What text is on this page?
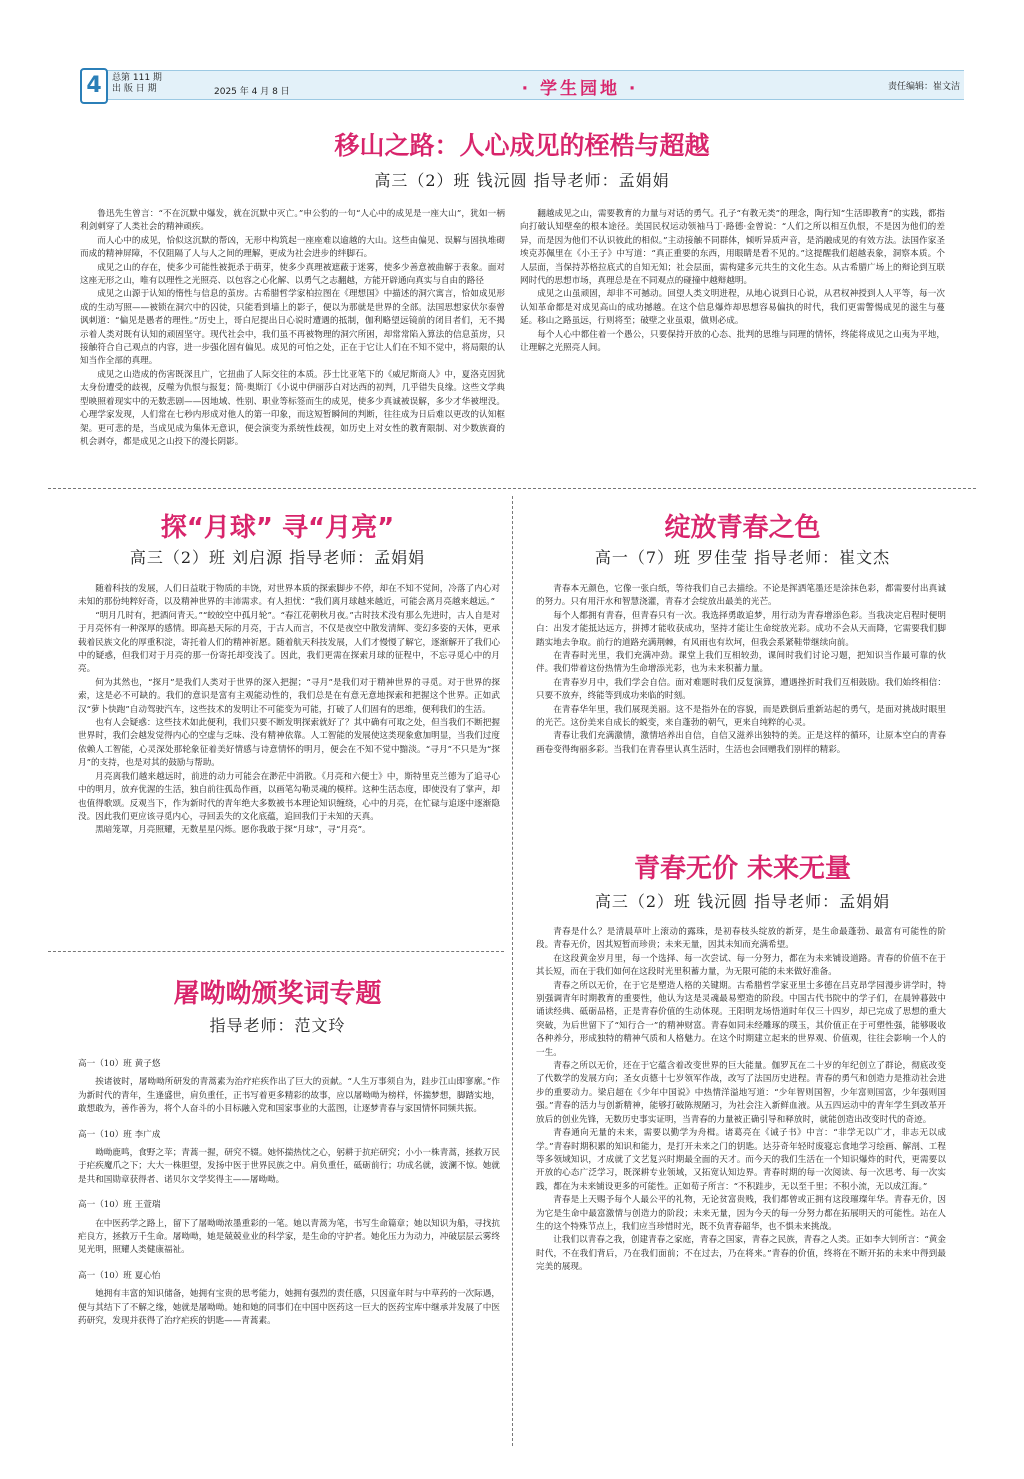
4	总第 111 期
出 版 日 期	2025 年 4 月 8 日	· 学生园地 ·	责任编辑：崔文洁
移山之路：人心成见的桎梏与超越
高三（2）班 钱沅圆 指导老师：孟娟娟

鲁迅先生曾言：“不在沉默中爆发，就在沉默中灭亡。”申公豹的一句“人心中的成见是一座大山”，犹如一柄利剑刺穿了人类社会的精神顽疾。

而人心中的成见，恰似这沉默的帮凶，无形中构筑起一座座难以逾越的大山。这些由偏见、误解与固执堆砌而成的精神屏障，不仅阻隔了人与人之间的理解，更成为社会进步的绊脚石。

成见之山的存在，使多少可能性被扼杀于萌芽，使多少真理被遮蔽于迷雾，使多少善意被曲解于表象。面对这座无形之山，唯有以理性之光照亮、以包容之心化解、以勇气之志翻越，方能开辟通向真实与自由的路径

成见之山源于认知的惰性与信息的茧房。古希腊哲学家柏拉图在《理想国》中描述的洞穴寓言，恰如成见形成的生动写照——被锁在洞穴中的囚徒，只能看到墙上的影子，便以为那就是世界的全部。法国思想家伏尔泰曾讽刺道：“偏见是愚者的理性。”历史上，哥白尼提出日心说时遭遇的抵制，伽利略望远镜前的闭目者们，无不揭示着人类对既有认知的顽固坚守。现代社会中，我们虽不再被物理的洞穴所困，却常常陷入算法的信息茧房，只接触符合自己观点的内容，进一步强化固有偏见。成见的可怕之处，正在于它让人们在不知不觉中，将局限的认知当作全部的真理。

成见之山造成的伤害既深且广，它扭曲了人际交往的本质。莎士比亚笔下的《威尼斯商人》中，夏洛克因犹太身份遭受的歧视，反噬为仇恨与报复；简·奥斯汀《小说中伊丽莎白对达西的初判，几乎错失良缘。这些文学典型映照着现实中的无数悲剧——因地域、性别、职业等标签而生的成见，使多少真诚被误解，多少才华被埋没。心理学家发现，人们常在七秒内形成对他人的第一印象，而这短暂瞬间的判断，往往成为日后难以更改的认知框架。更可悲的是，当成见成为集体无意识，便会演变为系统性歧视，如历史上对女性的教育限制、对少数族裔的机会剥夺，都是成见之山投下的漫长阴影。

翻越成见之山，需要教育的力量与对话的勇气。孔子“有教无类”的理念，陶行知“生活即教育”的实践，都指向打破认知壁垒的根本途径。美国民权运动领袖马丁·路德·金曾说：“人们之所以相互仇恨，不是因为他们的差异，而是因为他们不认识彼此的相似。”主动接触不同群体，倾听异质声音，是消融成见的有效方法。法国作家圣埃克苏佩里在《小王子》中写道：“真正重要的东西，用眼睛是看不见的。”这提醒我们超越表象，洞察本质。个人层面，当保持苏格拉底式的自知无知；社会层面，需构建多元共生的文化生态。从古希腊广场上的辩论到互联网时代的思想市场，真理总是在不同观点的碰撞中越辩越明。

成见之山虽顽固，却非不可撼动。回望人类文明进程，从地心说到日心说，从君权神授到人人平等，每一次认知革命都是对成见高山的成功撼越。在这个信息爆炸却思想容易偏执的时代，我们更需警惕成见的滋生与蔓延。移山之路虽远，行则将至；破壁之业虽艰，做则必成。

每个人心中都住着一个愚公，只要保持开放的心态、批判的思维与同理的情怀，终能将成见之山夷为平地，让理解之光照亮人间。

探“月球” 寻“月亮”
高三（2）班 刘启源 指导老师：孟娟娟

随着科技的发展，人们日益耽于物质的丰饶，对世界本质的探索脚步不停，却在不知不觉间，冷落了内心对未知的那份纯粹好奇，以及精神世界的丰沛需求。有人担忧：“我们离月球越来越近，可能会离月亮越来越远。”

“明月几时有，把酒问青天。”“皎皎空中孤月轮”。“春江花朝秋月夜。”古时技术没有那么先进时，古人自是对于月亮怀有一种深厚的感情。即高悬天际的月亮，于古人而言，不仅是夜空中散发清辉、变幻多姿的天体，更承载着民族文化的厚重积淀，寄托着人们的精神祈愿。随着航天科技发展，人们才慢慢了解它，逐渐解开了我们心中的疑惑，但我们对于月亮的那一份寄托却变浅了。因此，我们更需在探索月球的征程中，不忘寻觅心中的月亮。

何为其然也，“探月”是我们人类对于世界的深入把握；“寻月”是我们对于精神世界的寻觅。对于世界的探索，这是必不可缺的。我们的意识是富有主观能动性的，我们总是在有意无意地探索和把握这个世界。正如武汉“萝卜快跑”自动驾驶汽车，这些技术的发明让不可能变为可能，打破了人们固有的思维，便利我们的生活。

也有人会疑惑：这些技术如此便利，我们只要不断发明探索就好了？其中确有可取之处，但当我们不断把握世界时，我们会越发觉得内心的空虚与乏味、没有精神依靠。人工智能的发展使这类现象愈加明显，当我们过度依赖人工智能，心灵深处那轮象征着美好情感与诗意情怀的明月，便会在不知不觉中黯淡。“寻月”不只是为“探月”的支持，也是对其的鼓励与帮助。

月亮离我们越来越远时，前进的动力可能会在渺茫中消散。《月亮和六便士》中，斯特里克兰德为了追寻心中的明月，放弃优渥的生活，独自前往孤岛作画，以画笔勾勒灵魂的模样。这种生活态度，即使没有了掌声，却也值得歌颂。反观当下，作为新时代的青年绝大多数被书本理论知识缠绕，心中的月亮，在忙碌与追逐中逐渐隐没。因此我们更应该寻觅内心，寻回丢失的文化底蕴，追回我们于未知的天真。

黑暗笼罩，月亮照耀，无数星星闪烁。愿你我敢于探“月球”，寻“月亮”。

屠呦呦颁奖词专题
指导老师：范文玲

高一（10）班 黄子悠

挨诸彼时，屠呦呦所研发的青蒿素为治疗疟疾作出了巨大的贡献。“人生万事须自为，跬步江山即寥廓。”作为新时代的青年，生逢盛世，肩负重任，正书写着更多精彩的故事，应以屠呦呦为榜样，怀揣梦想，脚踏实地，敢想敢为，善作善为，将个人奋斗的小目标融入党和国家事业的大蓝图，让逐梦青春与家国情怀同频共振。

高一（10）班 李广成

呦呦鹿鸣，食野之苹；青蒿一握，研究不辍。她怀揣热忱之心，躬耕于抗疟研究；小小一株青蒿，拯救万民于疟疾魔爪之下；大大一株胆望，发扬中医于世界民族之中。肩负重任，砥砺前行；功成名就，波澜不惊。她就是共和国勋章获得者、诺贝尔文学奖得主——屠呦呦。

高一（10）班 王萱瑞

在中医药学之路上，留下了屠呦呦浓墨重彩的一笔。她以青蒿为笔，书写生命篇章；她以知识为船，寻找抗疟良方，拯救万千生命。屠呦呦，她是兢兢业业的科学家，是生命的守护者。她化压力为动力，冲破层层云雾终见光明，照耀人类健康福祉。

高一（10）班 夏心怡

她拥有丰富的知识储备，她拥有宝贵的思考能力，她拥有强烈的责任感，只因童年时与中草药的一次际遇，便与其结下了不解之缘，她就是屠呦呦。她和她的同事们在中国中医药这一巨大的医药宝库中继承并发展了中医药研究，发现并获得了治疗疟疾的钥匙——青蒿素。

绽放青春之色
高一（7）班 罗佳莹 指导老师：崔文杰

青春本无颜色，它像一张白纸，等待我们自己去描绘。不论是挥洒笔墨还是涂抹色彩，都需要付出真诚的努力。只有用汗水和智慧浇灌，青春才会绽放出最美的光芒。

每个人都拥有青春，但青春只有一次。我选择勇敢追梦，用行动为青春增添色彩。当我决定启程时便明白：出发才能抵达远方，拼搏才能收获成功，坚持才能让生命绽放光彩。成功不会从天而降，它需要我们脚踏实地去争取。前行的道路充满荆棘，有风雨也有坎坷，但我会系紧鞋带继续向前。

在青春时光里，我们充满冲劲。课堂上我们互相较劲，课间时我们讨论习题，把知识当作最可靠的伙伴。我们带着这份热情为生命增添光彩，也为未来积蓄力量。

在青春岁月中，我们学会自信。面对难题时我们反复演算，遭遇挫折时我们互相鼓励。我们始终相信：只要不放弃，终能等到成功来临的时刻。

在青春华年里，我们展现美丽。这不是指外在的容貌，而是跌倒后重新站起的勇气，是面对挑战时眼里的光芒。这份美来自成长的蜕变，来自蓬勃的朝气，更来自纯粹的心灵。

青春让我们充满激情，激情培养出自信，自信又滋养出独特的美。正是这样的循环，让原本空白的青春画卷变得绚丽多彩。当我们在青春里认真生活时，生活也会回赠我们别样的精彩。

青春无价 未来无量
高三（2）班 钱沅圆 指导老师：孟娟娟

青春是什么？是清晨草叶上滚动的露珠，是初春枝头绽放的新芽，是生命最蓬勃、最富有可能性的阶段。青春无价，因其短暂而珍贵；未来无量，因其未知而充满希望。

在这段黄金岁月里，每一个选择、每一次尝试、每一分努力，都在为未来铺设道路。青春的价值不在于其长短，而在于我们如何在这段时光里积蓄力量，为无限可能的未来做好准备。

青春之所以无价，在于它是塑造人格的关键期。古希腊哲学家亚里士多德在吕克昂学园漫步讲学时，特别强调青年时期教育的重要性，他认为这是灵魂最易塑造的阶段。中国古代书院中的学子们，在晨钟暮鼓中诵读经典、砥砺品格，正是青春价值的生动体现。王阳明龙场悟道时年仅三十四岁，却已完成了思想的重大突破，为后世留下了“知行合一”的精神财富。青春如同未经雕琢的璞玉，其价值正在于可塑性强，能够吸收各种养分，形成独特的精神气质和人格魅力。在这个时期建立起来的世界观、价值观，往往会影响一个人的一生。

青春之所以无价，还在于它蕴含着改变世界的巨大能量。伽罗瓦在二十岁的年纪创立了群论，彻底改变了代数学的发展方向；圣女贞德十七岁领军作战，改写了法国历史进程。青春的勇气和创造力是推动社会进步的重要动力。梁启超在《少年中国说》中热情洋溢地写道：“少年智则国智，少年富则国富，少年强则国强。”青春的活力与创新精神，能够打破陈规陋习，为社会注入新鲜血液。从五四运动中的青年学生到改革开放后的创业先锋，无数历史事实证明，当青春的力量被正确引导和释放时，就能创造出改变时代的奇迹。

青春通向无量的未来，需要以勤学为舟楫。诸葛亮在《诫子书》中言：“非学无以广才，非志无以成学。”青春时期积累的知识和能力，是打开未来之门的钥匙。达芬奇年轻时废寝忘食地学习绘画、解剖、工程等多领域知识，才成就了文艺复兴时期最全面的天才。而今天的我们生活在一个知识爆炸的时代，更需要以开放的心态广泛学习，既深耕专业领域，又拓宽认知边界。青春时期的每一次阅读、每一次思考、每一次实践，都在为未来铺设更多的可能性。正如荀子所言：“不积跬步，无以至千里；不积小流，无以成江海。”

青春是上天赐予每个人最公平的礼物，无论贫富贵贱，我们都曾或正拥有这段璀璨年华。青春无价，因为它是生命中最富激情与创造力的阶段；未来无量，因为今天的每一分努力都在拓展明天的可能性。站在人生的这个特殊节点上，我们应当珍惜时光，既不负青春韶华，也不惧未来挑战。

让我们以青春之我，创建青春之家庭，青春之国家，青春之民族，青春之人类。正如李大钊所言：“黄金时代，不在我们背后，乃在我们面前；不在过去，乃在将来。”青春的价值，终将在不断开拓的未来中得到最完美的展现。
